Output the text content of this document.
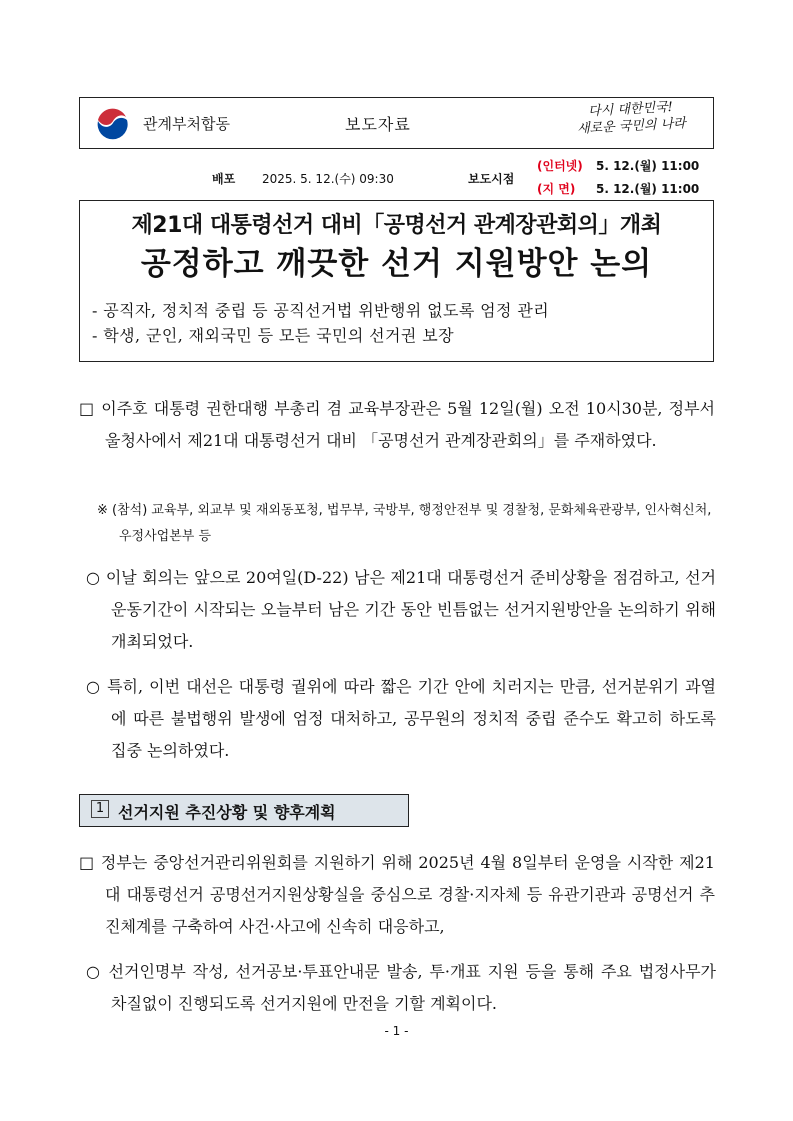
관계부처합동	보도자료
다시 대한민국!
새로운 국민의 나라
배포 2025. 5. 12.(수) 09:30	보도시점
(인터넷) 5. 12.(월) 11:00
(지 면) 5. 12.(월) 11:00
제21대 대통령선거 대비「공명선거 관계장관회의」개최
공정하고 깨끗한 선거 지원방안 논의
- 공직자, 정치적 중립 등 공직선거법 위반행위 없도록 엄정 관리
- 학생, 군인, 재외국민 등 모든 국민의 선거권 보장
□ 이주호 대통령 권한대행 부총리 겸 교육부장관은 5월 12일(월) 오전 10시30분, 정부서울청사에서 제21대 대통령선거 대비 「공명선거 관계장관회의」를 주재하였다.
※ (참석) 교육부, 외교부 및 재외동포청, 법무부, 국방부, 행정안전부 및 경찰청, 문화체육관광부, 인사혁신처, 우정사업본부 등
○ 이날 회의는 앞으로 20여일(D-22) 남은 제21대 대통령선거 준비상황을 점검하고, 선거운동기간이 시작되는 오늘부터 남은 기간 동안 빈틈없는 선거지원방안을 논의하기 위해 개최되었다.
○ 특히, 이번 대선은 대통령 궐위에 따라 짧은 기간 안에 치러지는 만큼, 선거분위기 과열에 따른 불법행위 발생에 엄정 대처하고, 공무원의 정치적 중립 준수도 확고히 하도록 집중 논의하였다.
1 선거지원 추진상황 및 향후계획
□ 정부는 중앙선거관리위원회를 지원하기 위해 2025년 4월 8일부터 운영을 시작한 제21대 대통령선거 공명선거지원상황실을 중심으로 경찰·지자체 등 유관기관과 공명선거 추진체계를 구축하여 사건·사고에 신속히 대응하고,
○ 선거인명부 작성, 선거공보·투표안내문 발송, 투·개표 지원 등을 통해 주요 법정사무가 차질없이 진행되도록 선거지원에 만전을 기할 계획이다.
- 1 -
